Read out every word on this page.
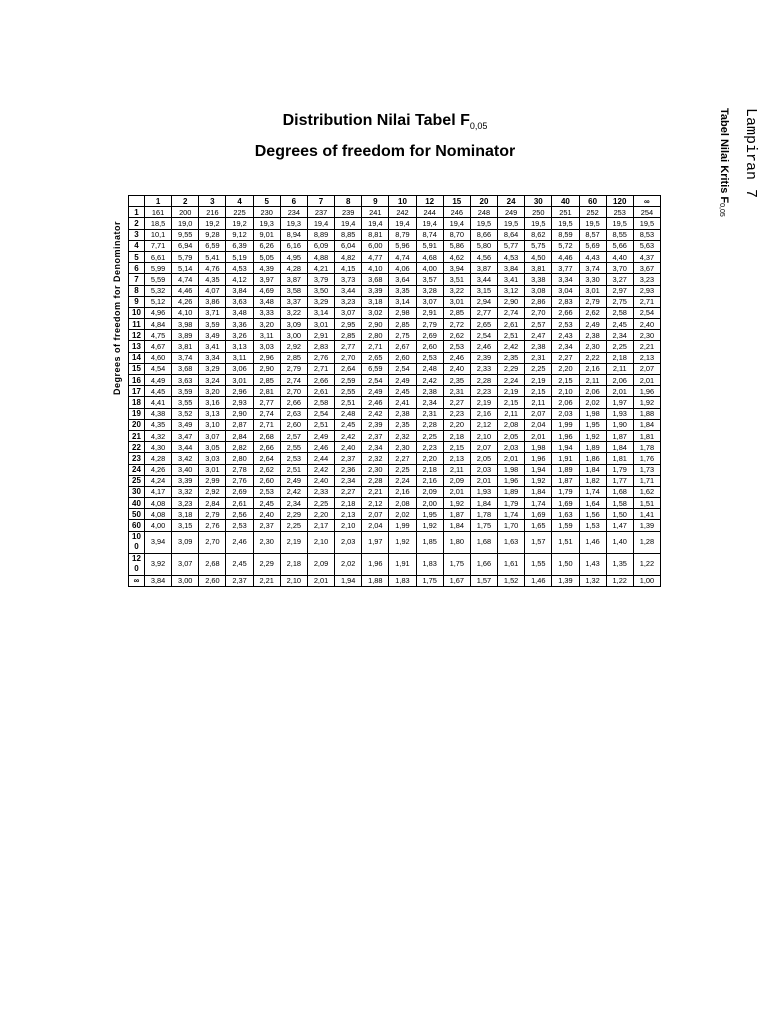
Distribution Nilai Tabel $F_{0,05}$
Degrees of freedom for Nominator	Lampiran 7
Tabel Nilai Kritis $F_{0,05}$
Degrees of freedom for Denominator
	1	2	3	4	5	6	7	8	9	10	12	15	20	24	30	40	60	120	∞
1	161	200	216	225	230	234	237	239	241	242	244	246	248	249	250	251	252	253	254
2	18,5	19,0	19,2	19,2	19,3	19,3	19,4	19,4	19,4	19,4	19,4	19,4	19,5	19,5	19,5	19,5	19,5	19,5	19,5
3	10,1	9,55	9,28	9,12	9,01	8,94	8,89	8,85	8,81	8,79	8,74	8,70	8,66	8,64	8,62	8,59	8,57	8,55	8,53
4	7,71	6,94	6,59	6,39	6,26	6,16	6,09	6,04	6,00	5,96	5,91	5,86	5,80	5,77	5,75	5,72	5,69	5,66	5,63
5	6,61	5,79	5,41	5,19	5,05	4,95	4,88	4,82	4,77	4,74	4,68	4,62	4,56	4,53	4,50	4,46	4,43	4,40	4,37
6	5,99	5,14	4,76	4,53	4,39	4,28	4,21	4,15	4,10	4,06	4,00	3,94	3,87	3,84	3,81	3,77	3,74	3,70	3,67
7	5,59	4,74	4,35	4,12	3,97	3,87	3,79	3,73	3,68	3,64	3,57	3,51	3,44	3,41	3,38	3,34	3,30	3,27	3,23
8	5,32	4,46	4,07	3,84	4,69	3,58	3,50	3,44	3,39	3,35	3,28	3,22	3,15	3,12	3,08	3,04	3,01	2,97	2,93
9	5,12	4,26	3,86	3,63	3,48	3,37	3,29	3,23	3,18	3,14	3,07	3,01	2,94	2,90	2,86	2,83	2,79	2,75	2,71
10	4,96	4,10	3,71	3,48	3,33	3,22	3,14	3,07	3,02	2,98	2,91	2,85	2,77	2,74	2,70	2,66	2,62	2,58	2,54
11	4,84	3,98	3,59	3,36	3,20	3,09	3,01	2,95	2,90	2,85	2,79	2,72	2,65	2,61	2,57	2,53	2,49	2,45	2,40
12	4,75	3,89	3,49	3,26	3,11	3,00	2,91	2,85	2,80	2,75	2,69	2,62	2,54	2,51	2,47	2,43	2,38	2,34	2,30
13	4,67	3,81	3,41	3,13	3,03	2,92	2,83	2,77	2,71	2,67	2,60	2,53	2,46	2,42	2,38	2,34	2,30	2,25	2,21
14	4,60	3,74	3,34	3,11	2,96	2,85	2,76	2,70	2,65	2,60	2,53	2,46	2,39	2,35	2,31	2,27	2,22	2,18	2,13
15	4,54	3,68	3,29	3,06	2,90	2,79	2,71	2,64	6,59	2,54	2,48	2,40	2,33	2,29	2,25	2,20	2,16	2,11	2,07
16	4,49	3,63	3,24	3,01	2,85	2,74	2,66	2,59	2,54	2,49	2,42	2,35	2,28	2,24	2,19	2,15	2,11	2,06	2,01
17	4,45	3,59	3,20	2,96	2,81	2,70	2,61	2,55	2,49	2,45	2,38	2,31	2,23	2,19	2,15	2,10	2,06	2,01	1,96
18	4,41	3,55	3,16	2,93	2,77	2,66	2,58	2,51	2,46	2,41	2,34	2,27	2,19	2,15	2,11	2,06	2,02	1,97	1,92
19	4,38	3,52	3,13	2,90	2,74	2,63	2,54	2,48	2,42	2,38	2,31	2,23	2,16	2,11	2,07	2,03	1,98	1,93	1,88
20	4,35	3,49	3,10	2,87	2,71	2,60	2,51	2,45	2,39	2,35	2,28	2,20	2,12	2,08	2,04	1,99	1,95	1,90	1,84
21	4,32	3,47	3,07	2,84	2,68	2,57	2,49	2,42	2,37	2,32	2,25	2,18	2,10	2,05	2,01	1,96	1,92	1,87	1,81
22	4,30	3,44	3,05	2,82	2,66	2,55	2,46	2,40	2,34	2,30	2,23	2,15	2,07	2,03	1,98	1,94	1,89	1,84	1,78
23	4,28	3,42	3,03	2,80	2,64	2,53	2,44	2,37	2,32	2,27	2,20	2,13	2,05	2,01	1,96	1,91	1,86	1,81	1,76
24	4,26	3,40	3,01	2,78	2,62	2,51	2,42	2,36	2,30	2,25	2,18	2,11	2,03	1,98	1,94	1,89	1,84	1,79	1,73
25	4,24	3,39	2,99	2,76	2,60	2,49	2,40	2,34	2,28	2,24	2,16	2,09	2,01	1,96	1,92	1,87	1,82	1,77	1,71
30	4,17	3,32	2,92	2,69	2,53	2,42	2,33	2,27	2,21	2,16	2,09	2,01	1,93	1,89	1,84	1,79	1,74	1,68	1,62
40	4,08	3,23	2,84	2,61	2,45	2,34	2,25	2,18	2,12	2,08	2,00	1,92	1,84	1,79	1,74	1,69	1,64	1,58	1,51
50	4,08	3,18	2,79	2,56	2,40	2,29	2,20	2,13	2,07	2,02	1,95	1,87	1,78	1,74	1,69	1,63	1,56	1,50	1,41
60	4,00	3,15	2,76	2,53	2,37	2,25	2,17	2,10	2,04	1,99	1,92	1,84	1,75	1,70	1,65	1,59	1,53	1,47	1,39
10 0	3,94	3,09	2,70	2,46	2,30	2,19	2,10	2,03	1,97	1,92	1,85	1,80	1,68	1,63	1,57	1,51	1,46	1,40	1,28
12 0	3,92	3,07	2,68	2,45	2,29	2,18	2,09	2,02	1,96	1,91	1,83	1,75	1,66	1,61	1,55	1,50	1,43	1,35	1,22
∞	3,84	3,00	2,60	2,37	2,21	2,10	2,01	1,94	1,88	1,83	1,75	1,67	1,57	1,52	1,46	1,39	1,32	1,22	1,00
